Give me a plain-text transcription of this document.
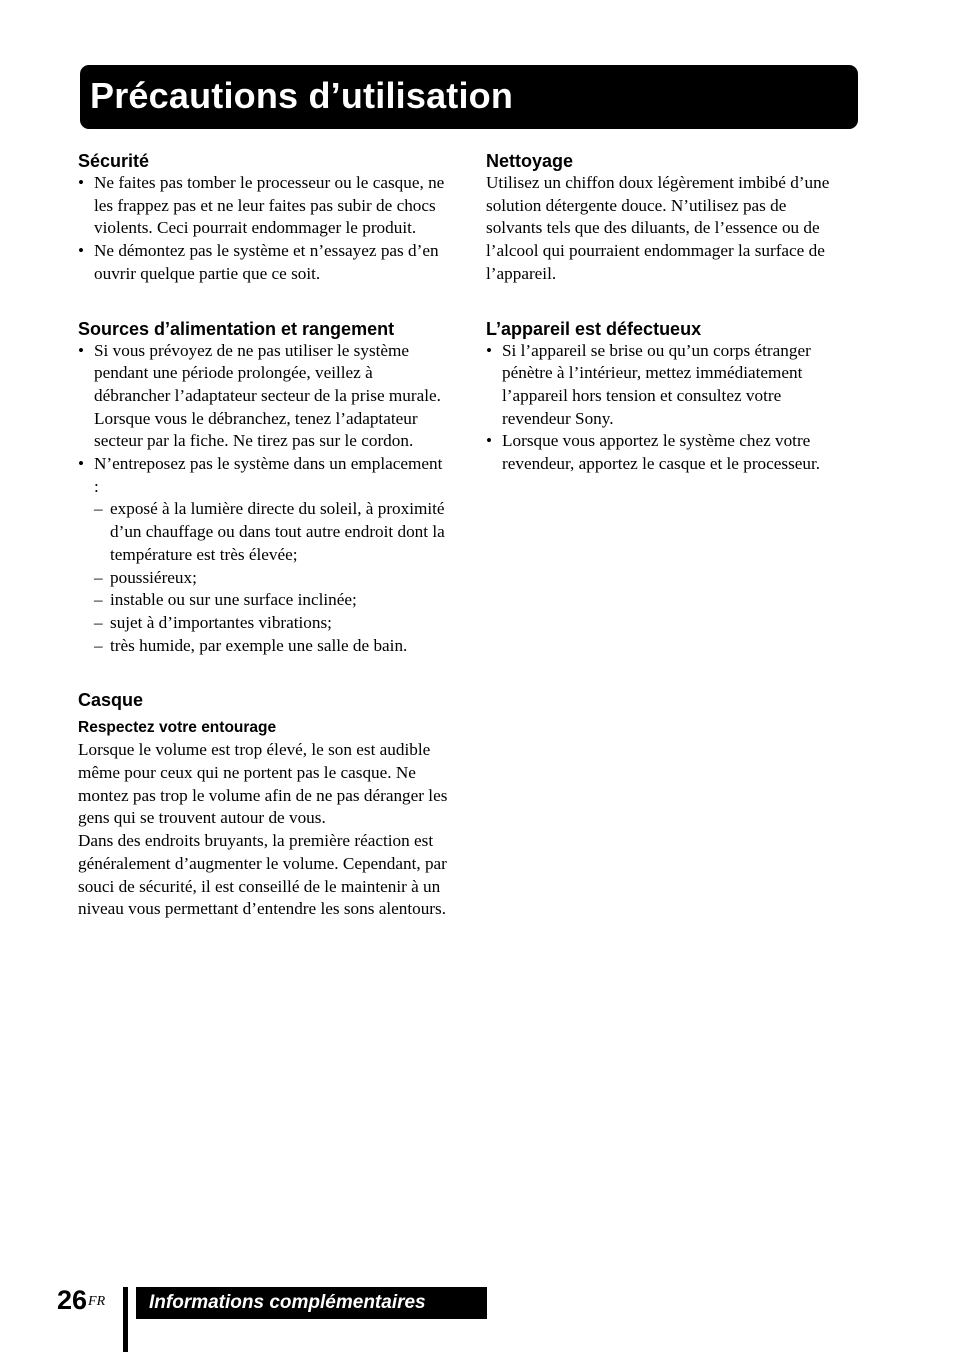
Précautions d’utilisation
Sécurité
• Ne faites pas tomber le processeur ou le casque, ne les frappez pas et ne leur faites pas subir de chocs violents. Ceci pourrait endommager le produit.
• Ne démontez pas le système et n’essayez pas d’en ouvrir quelque partie que ce soit.
Sources d’alimentation et rangement
• Si vous prévoyez de ne pas utiliser le système pendant une période prolongée, veillez à débrancher l’adaptateur secteur de la prise murale. Lorsque vous le débranchez, tenez l’adaptateur secteur par la fiche. Ne tirez pas sur le cordon.
• N’entreposez pas le système dans un emplacement :
– exposé à la lumière directe du soleil, à proximité d’un chauffage ou dans tout autre endroit dont la température est très élevée;
– poussiéreux;
– instable ou sur une surface inclinée;
– sujet à d’importantes vibrations;
– très humide, par exemple une salle de bain.
Casque
Respectez votre entourage

Lorsque le volume est trop élevé, le son est audible même pour ceux qui ne portent pas le casque. Ne montez pas trop le volume afin de ne pas déranger les gens qui se trouvent autour de vous.

Dans des endroits bruyants, la première réaction est généralement d’augmenter le volume. Cependant, par souci de sécurité, il est conseillé de le maintenir à un niveau vous permettant d’entendre les sons alentours.

Nettoyage

Utilisez un chiffon doux légèrement imbibé d’une solution détergente douce. N’utilisez pas de solvants tels que des diluants, de l’essence ou de l’alcool qui pourraient endommager la surface de l’appareil.

L’appareil est défectueux
• Si l’appareil se brise ou qu’un corps étranger pénètre à l’intérieur, mettez immédiatement l’appareil hors tension et consultez votre revendeur Sony.
• Lorsque vous apportez le système chez votre revendeur, apportez le casque et le processeur.
$26^{FR}$	Informations complémentaires
